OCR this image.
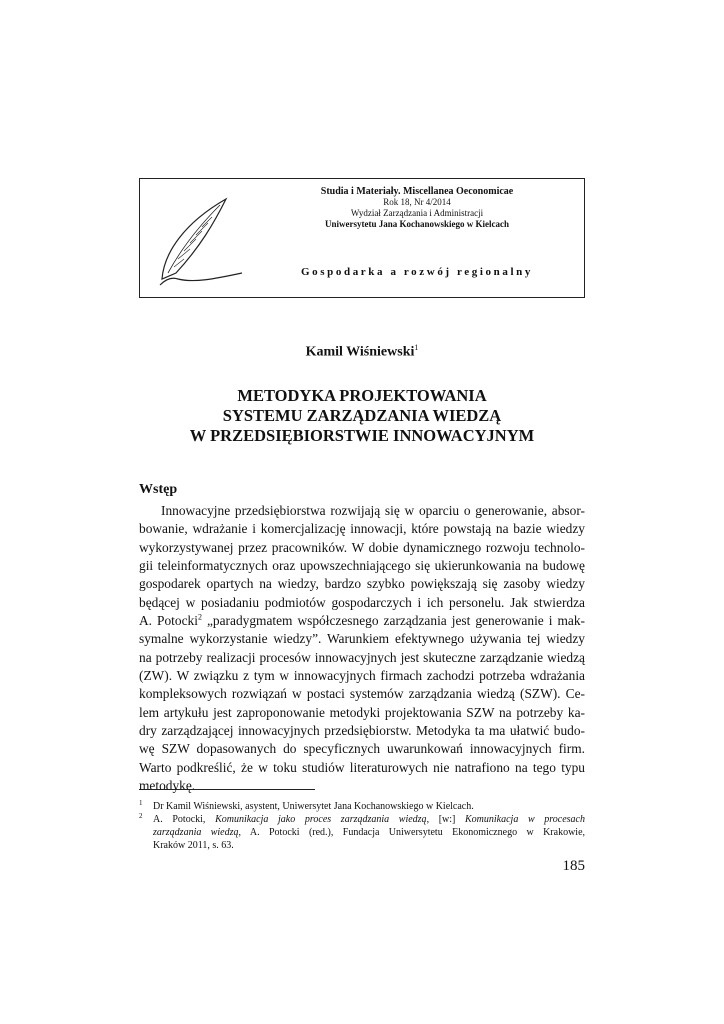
Studia i Materiały. Miscellanea Oeconomicae
Rok 18, Nr 4/2014
Wydział Zarządzania i Administracji
Uniwersytetu Jana Kochanowskiego w Kielcach
Gospodarka a rozwój regionalny
Kamil Wiśniewski$^1$
METODYKA PROJEKTOWANIA
SYSTEMU ZARZĄDZANIA WIEDZĄ
W PRZEDSIĘBIORSTWIE INNOWACYJNYM
Wstęp
Innowacyjne przedsiębiorstwa rozwijają się w oparciu o generowanie, absor-
bowanie, wdrażanie i komercjalizację innowacji, które powstają na bazie wiedzy
wykorzystywanej przez pracowników. W dobie dynamicznego rozwoju technolo-
gii teleinformatycznych oraz upowszechniającego się ukierunkowania na budowę
gospodarek opartych na wiedzy, bardzo szybko powiększają się zasoby wiedzy
będącej w posiadaniu podmiotów gospodarczych i ich personelu. Jak stwierdza
A. Potocki$^2$ „paradygmatem współczesnego zarządzania jest generowanie i mak-
symalne wykorzystanie wiedzy”. Warunkiem efektywnego używania tej wiedzy
na potrzeby realizacji procesów innowacyjnych jest skuteczne zarządzanie wiedzą
(ZW). W związku z tym w innowacyjnych firmach zachodzi potrzeba wdrażania
kompleksowych rozwiązań w postaci systemów zarządzania wiedzą (SZW). Ce-
lem artykułu jest zaproponowanie metodyki projektowania SZW na potrzeby ka-
dry zarządzającej innowacyjnych przedsiębiorstw. Metodyka ta ma ułatwić budo-
wę SZW dopasowanych do specyficznych uwarunkowań innowacyjnych firm.
Warto podkreślić, że w toku studiów literaturowych nie natrafiono na tego typu
metodykę.
1 Dr Kamil Wiśniewski, asystent, Uniwersytet Jana Kochanowskiego w Kielcach.
2 A. Potocki, Komunikacja jako proces zarządzania wiedzą, [w:] Komunikacja w procesach
zarządzania wiedzą, A. Potocki (red.), Fundacja Uniwersytetu Ekonomicznego w Krakowie,
Kraków 2011, s. 63.
185
